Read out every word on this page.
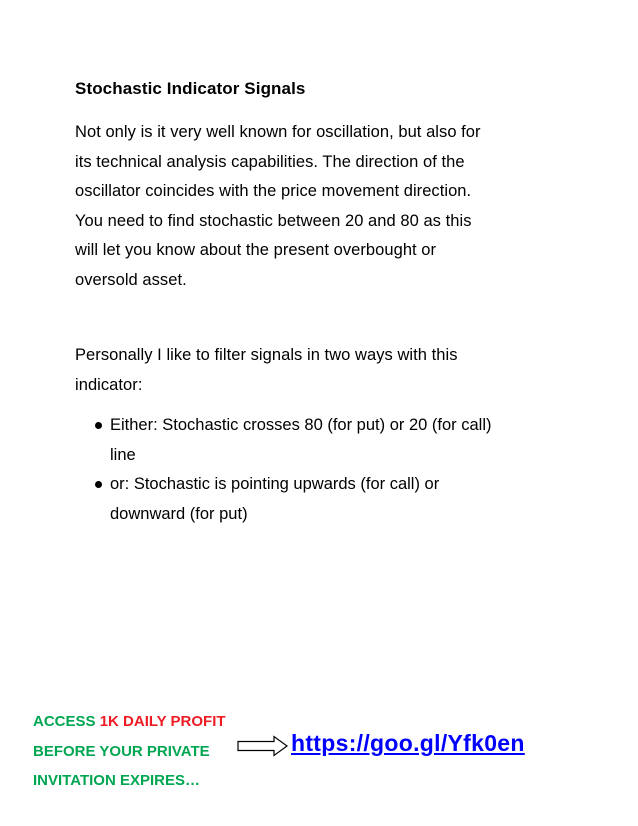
Stochastic Indicator Signals
Not only is it very well known for oscillation, but also for
its technical analysis capabilities. The direction of the
oscillator coincides with the price movement direction.
You need to find stochastic between 20 and 80 as this
will let you know about the present overbought or
oversold asset.
Personally I like to filter signals in two ways with this
indicator:
Either: Stochastic crosses 80 (for put) or 20 (for call)
line
or: Stochastic is pointing upwards (for call) or
downward (for put)
ACCESS 1K DAILY PROFIT
BEFORE YOUR PRIVATE
INVITATION EXPIRES…
https://goo.gl/Yfk0en
